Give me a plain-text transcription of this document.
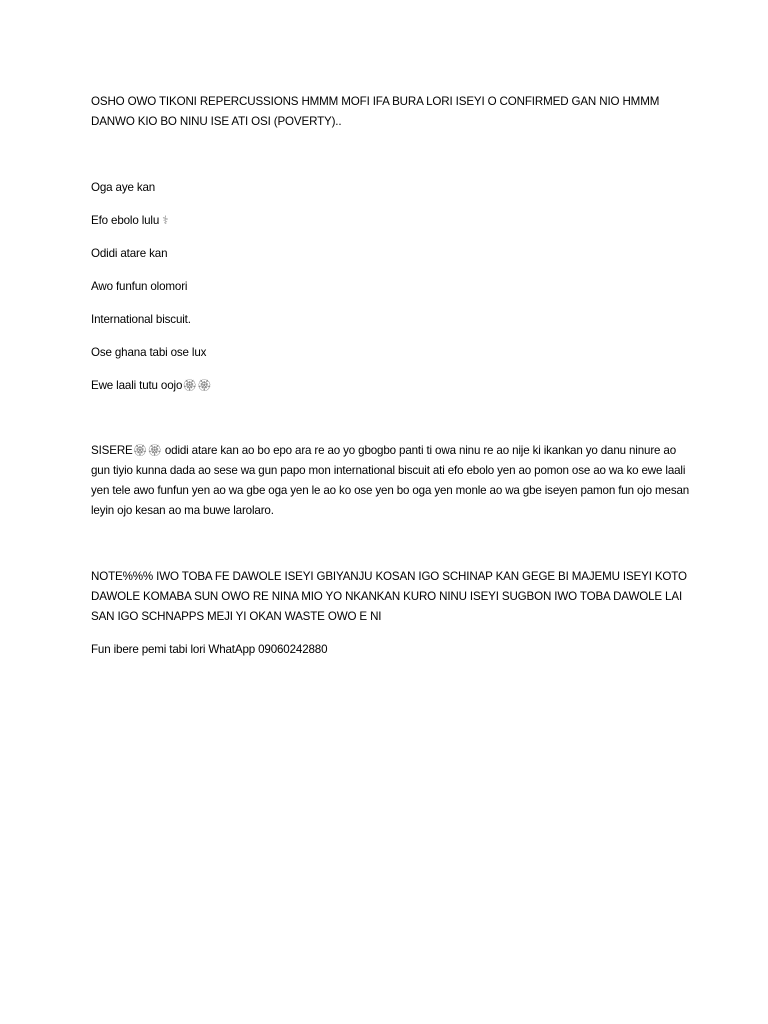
OSHO OWO TIKONI REPERCUSSIONS HMMM MOFI IFA BURA LORI ISEYI O CONFIRMED GAN NIO HMMM DANWO KIO BO NINU ISE ATI OSI (POVERTY)..

Oga aye kan

Efo ebolo lulu ⚕

Odidi atare kan

Awo funfun olomori

Internatіonal biscuit.

Ose ghana tabi ose lux

Ewe laali tutu oojo🏵🏵

SISERE🏵🏵 odidi atare kan ao bo epo ara re ao yo gbogbo pantі tі owa ninu re ao nije ki ikankan yo danu ninure ao gun tіyio kunna dada ao sese wa gun papo mon internatіonal biscuit atі efo ebolo yen ao pomon ose ao wa ko ewe laali yen tele awo funfun yen ao wa gbe oga yen le ao ko ose yen bo oga yen monle ao wa gbe iseyen pamon fun ojo mesan leyin ojo kesan ao ma buwe larolaro.

NOTE%%% IWO TOBA FE DAWOLE ISEYI GBIYANJU KOSAN IGO SCHINAP KAN GEGE BI MAJEMU ISEYI KOTO DAWOLE KOMABA SUN OWO RE NINA MIO YO NKANKAN KURO NINU ISEYI SUGBON IWO TOBA DAWOLE LAI SAN IGO SCHNAPPS MEJI YI OKAN WASTE OWO E NI

Fun ibere pemi tabi lori WhatApp 09060242880
